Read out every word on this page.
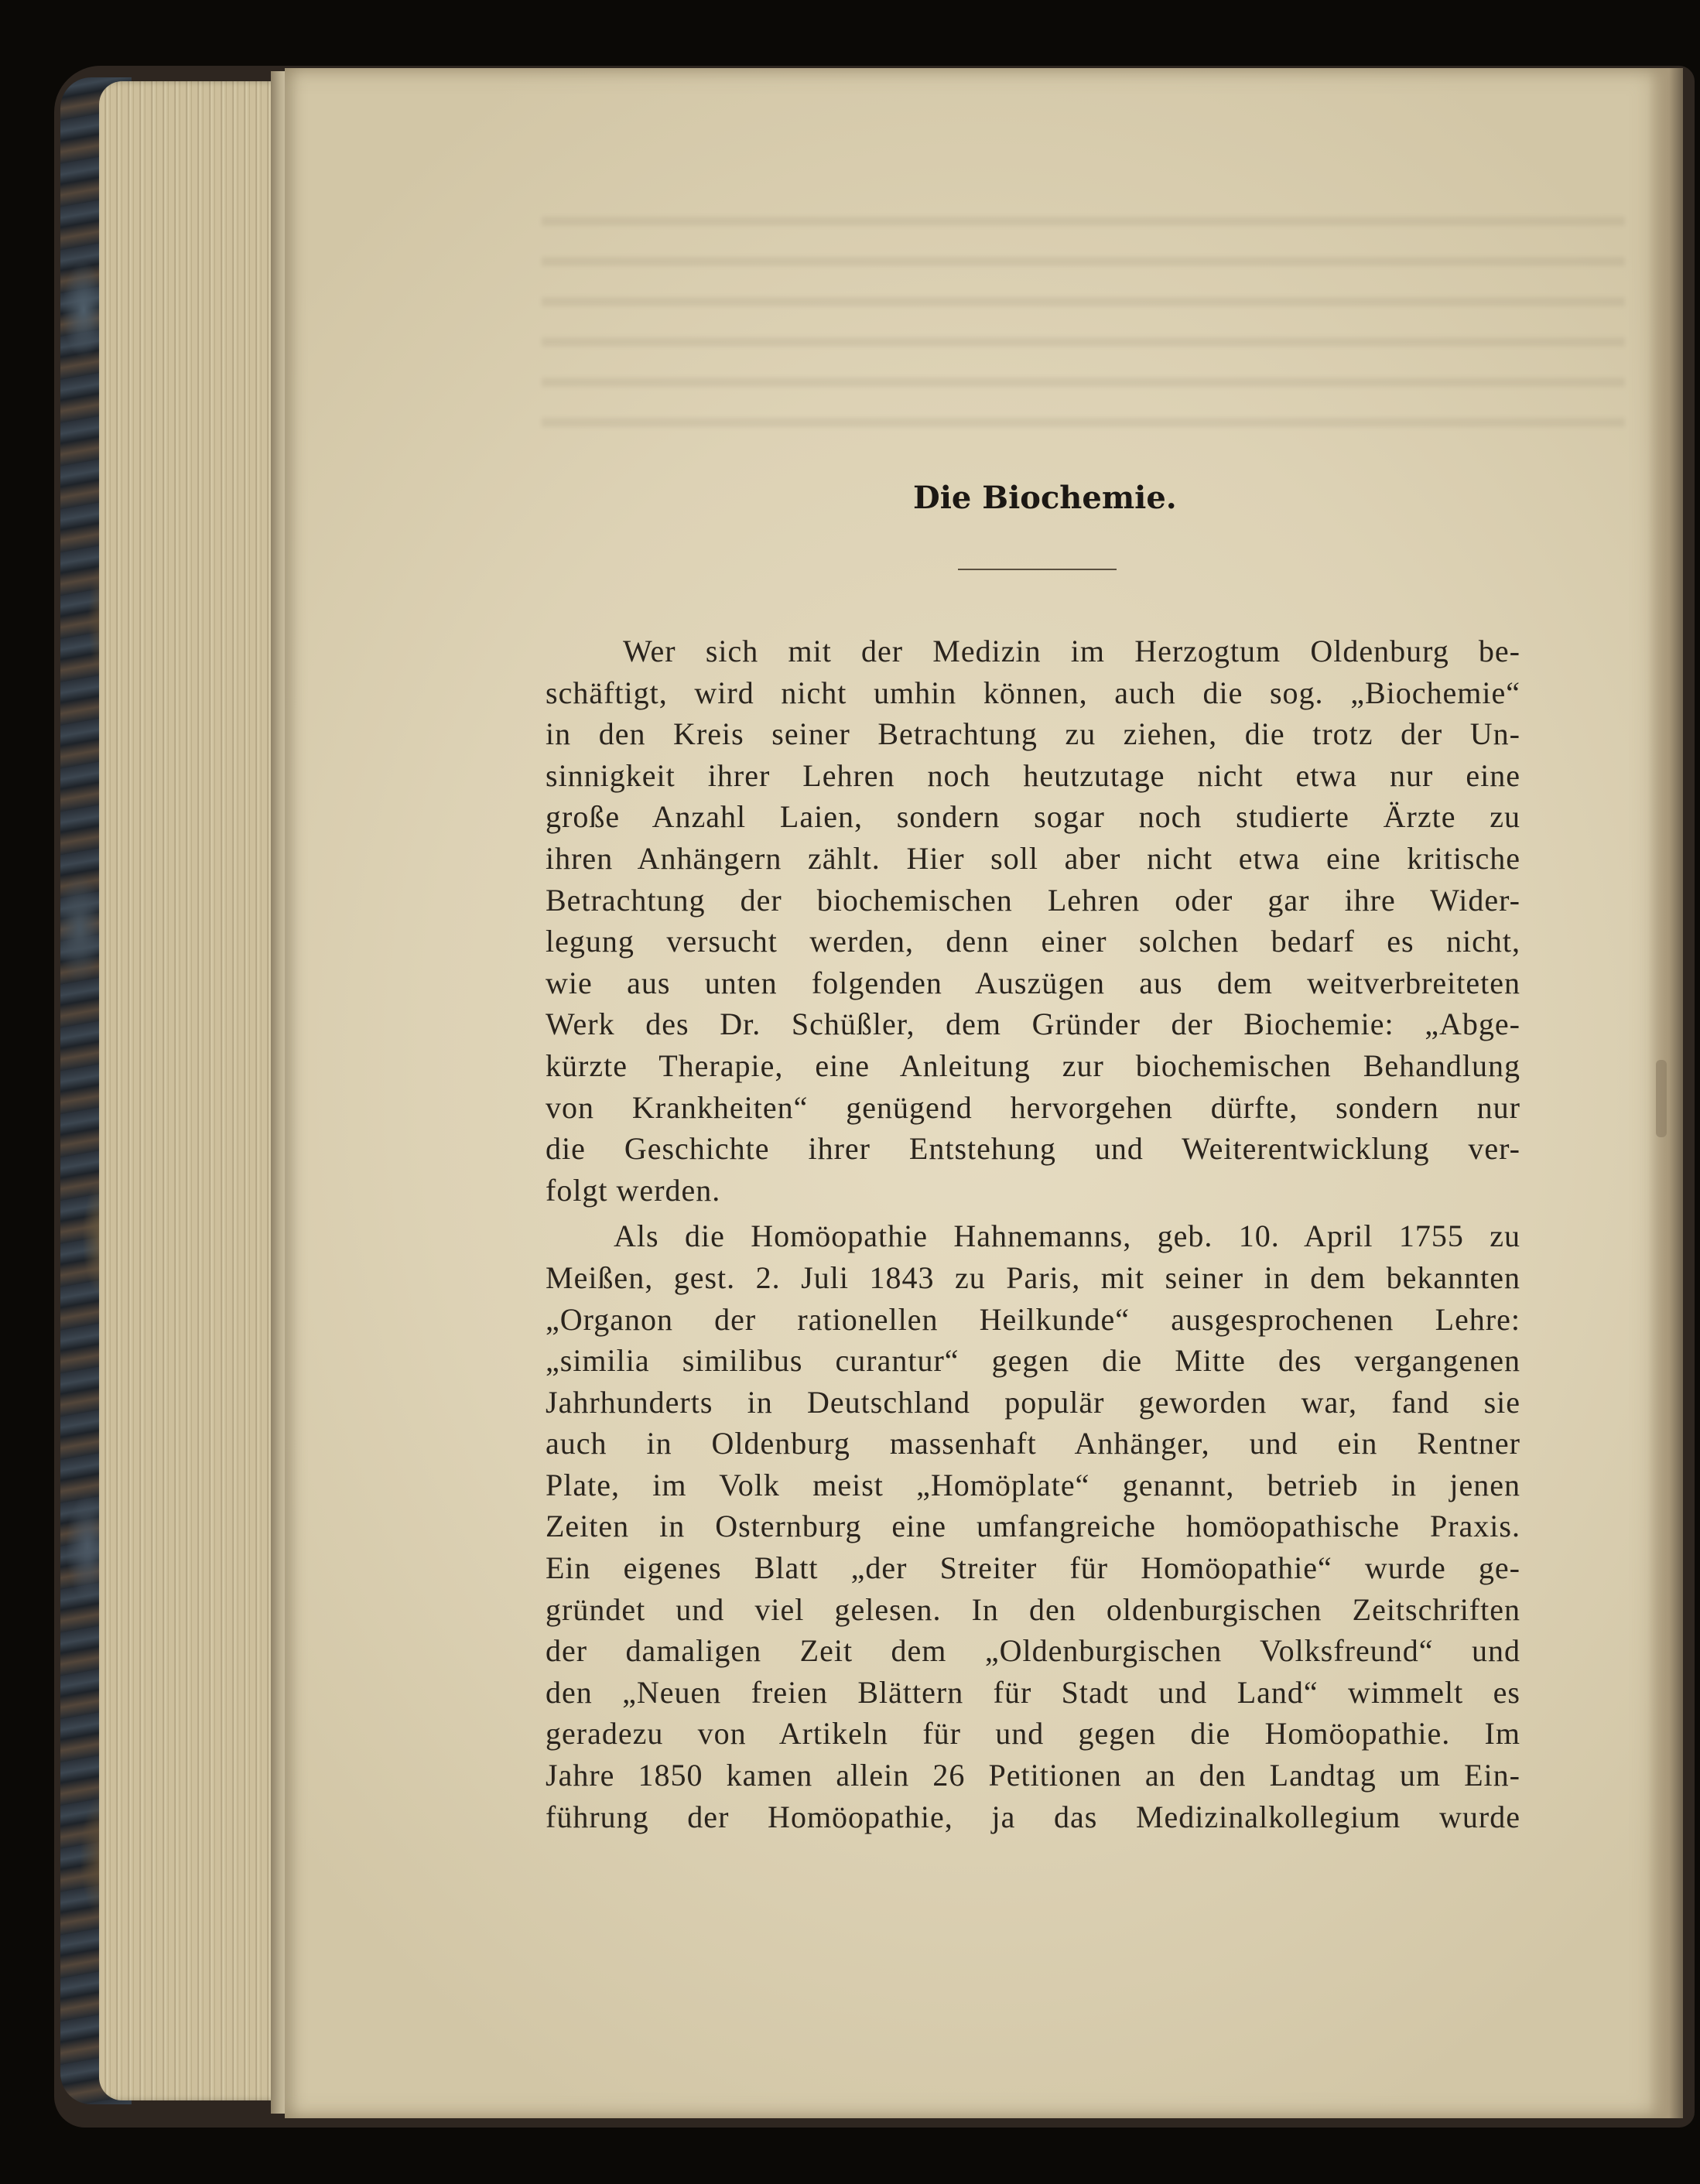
Die Biochemie.
Wer sich mit der Medizin im Herzogtum Oldenburg be-
schäftigt, wird nicht umhin können, auch die sog. „Biochemie“
in den Kreis seiner Betrachtung zu ziehen, die trotz der Un-
sinnigkeit ihrer Lehren noch heutzutage nicht etwa nur eine
große Anzahl Laien, sondern sogar noch studierte Ärzte zu
ihren Anhängern zählt. Hier soll aber nicht etwa eine kritische
Betrachtung der biochemischen Lehren oder gar ihre Wider-
legung versucht werden, denn einer solchen bedarf es nicht,
wie aus unten folgenden Auszügen aus dem weitverbreiteten
Werk des Dr. Schüßler, dem Gründer der Biochemie: „Abge-
kürzte Therapie, eine Anleitung zur biochemischen Behandlung
von Krankheiten“ genügend hervorgehen dürfte, sondern nur
die Geschichte ihrer Entstehung und Weiterentwicklung ver-
folgt werden.
Als die Homöopathie Hahnemanns, geb. 10. April 1755 zu
Meißen, gest. 2. Juli 1843 zu Paris, mit seiner in dem bekannten
„Organon der rationellen Heilkunde“ ausgesprochenen Lehre:
„similia similibus curantur“ gegen die Mitte des vergangenen
Jahrhunderts in Deutschland populär geworden war, fand sie
auch in Oldenburg massenhaft Anhänger, und ein Rentner
Plate, im Volk meist „Homöplate“ genannt, betrieb in jenen
Zeiten in Osternburg eine umfangreiche homöopathische Praxis.
Ein eigenes Blatt „der Streiter für Homöopathie“ wurde ge-
gründet und viel gelesen. In den oldenburgischen Zeitschriften
der damaligen Zeit dem „Oldenburgischen Volksfreund“ und
den „Neuen freien Blättern für Stadt und Land“ wimmelt es
geradezu von Artikeln für und gegen die Homöopathie. Im
Jahre 1850 kamen allein 26 Petitionen an den Landtag um Ein-
führung der Homöopathie, ja das Medizinalkollegium wurde
